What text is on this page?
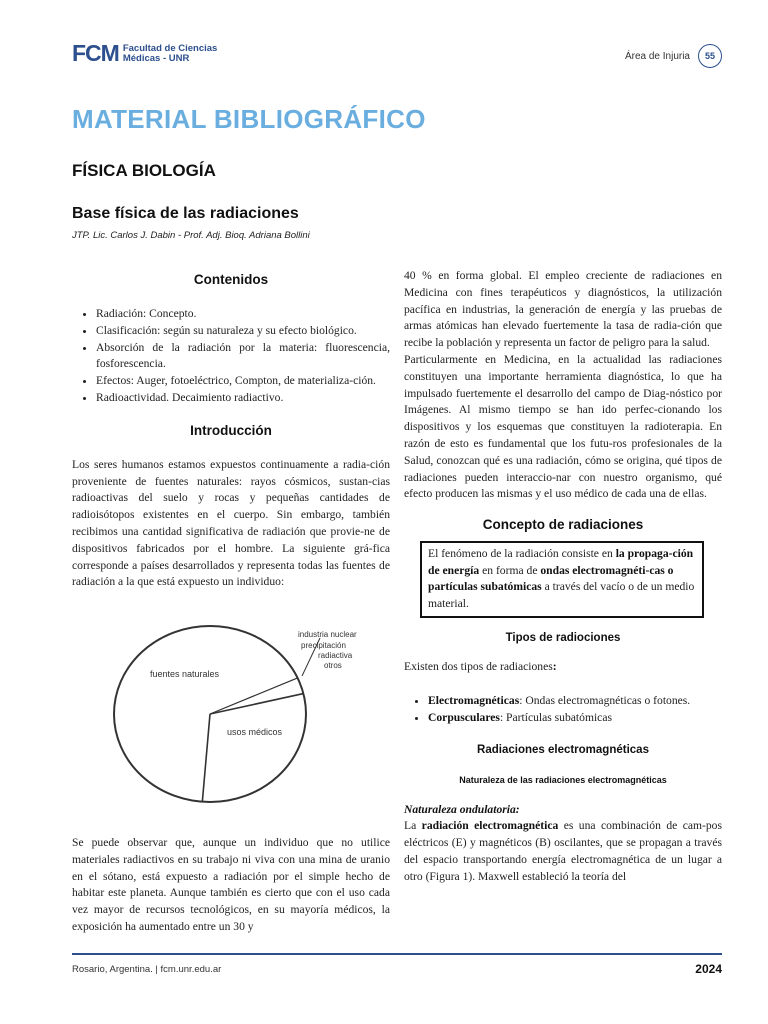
FCM Facultad de Ciencias
Médicas - UNR	Área de Injuria	55
MATERIAL BIBLIOGRÁFICO
FÍSICA BIOLOGÍA
Base física de las radiaciones
JTP. Lic. Carlos J. Dabin - Prof. Adj. Bioq. Adriana Bollini
Contenidos
• Radiación: Concepto.
• Clasificación: según su naturaleza y su efecto biológico.
• Absorción de la radiación por la materia: fluorescencia, fosforescencia.
• Efectos: Auger, fotoeléctrico, Compton, de materializa-ción.
• Radioactividad. Decaimiento radiactivo.
Introducción

Los seres humanos estamos expuestos continuamente a radia-ción proveniente de fuentes naturales: rayos cósmicos, sustan-cias radioactivas del suelo y rocas y pequeñas cantidades de radioisótopos existentes en el cuerpo. Sin embargo, también recibimos una cantidad significativa de radiación que provie-ne de dispositivos fabricados por el hombre. La siguiente grá-fica corresponde a países desarrollados y representa todas las fuentes de radiación a la que está expuesto un individuo:

fuentes naturales
usos médicos
industria nuclear
precipitación
radiactiva
otros

Se puede observar que, aunque un individuo que no utilice materiales radiactivos en su trabajo ni viva con una mina de uranio en el sótano, está expuesto a radiación por el simple hecho de habitar este planeta. Aunque también es cierto que con el uso cada vez mayor de recursos tecnológicos, en su mayoría médicos, la exposición ha aumentado entre un 30 y

40 % en forma global. El empleo creciente de radiaciones en Medicina con fines terapéuticos y diagnósticos, la utilización pacífica en industrias, la generación de energía y las pruebas de armas atómicas han elevado fuertemente la tasa de radia-ción que recibe la población y representa un factor de peligro para la salud.

Particularmente en Medicina, en la actualidad las radiaciones constituyen una importante herramienta diagnóstica, lo que ha impulsado fuertemente el desarrollo del campo de Diag-nóstico por Imágenes. Al mismo tiempo se han ido perfec-cionando los dispositivos y los esquemas que constituyen la radioterapia. En razón de esto es fundamental que los futu-ros profesionales de la Salud, conozcan qué es una radiación, cómo se origina, qué tipos de radiaciones pueden interaccio-nar con nuestro organismo, qué efecto producen las mismas y el uso médico de cada una de ellas.

Concepto de radiaciones
El fenómeno de la radiación consiste en la propaga-ción de energía en forma de ondas electromagnéti-cas o partículas subatómicas a través del vacío o de un medio material.
Tipos de radiociones

Existen dos tipos de radiaciones:

• Electromagnéticas: Ondas electromagnéticas o fotones.
• Corpusculares: Partículas subatómicas
Radiaciones electromagnéticas
Naturaleza de las radiaciones electromagnéticas

Naturaleza ondulatoria:

La radiación electromagnética es una combinación de cam-pos eléctricos (E) y magnéticos (B) oscilantes, que se propagan a través del espacio transportando energía electromagnética de un lugar a otro (Figura 1). Maxwell estableció la teoría del

Rosario, Argentina. | fcm.unr.edu.ar	2024
